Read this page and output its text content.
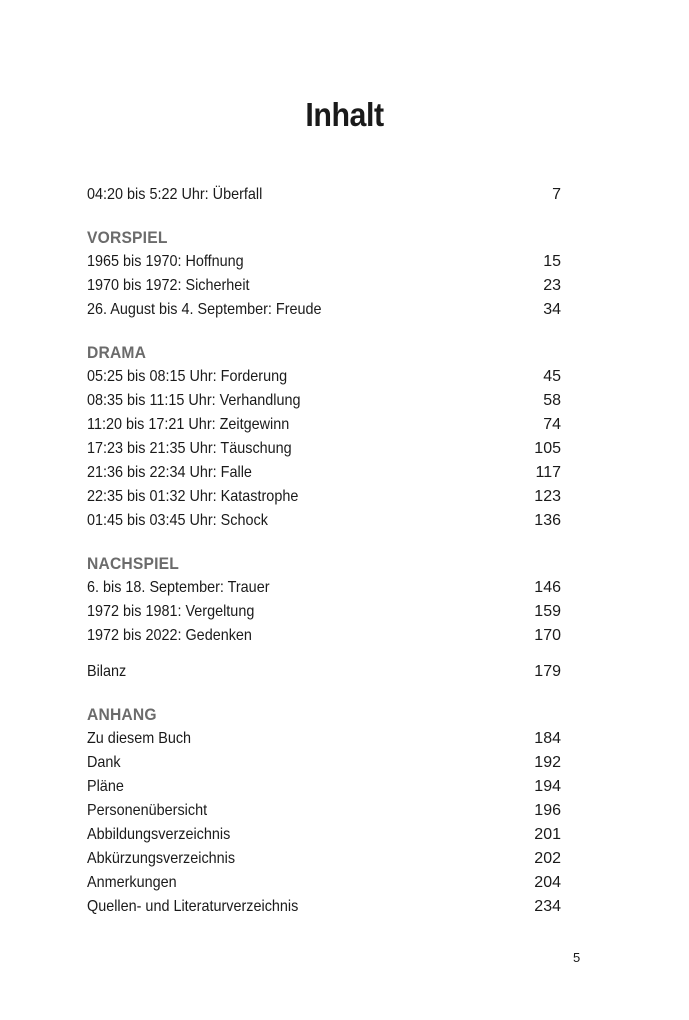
Inhalt
04:20 bis 5:22 Uhr: Überfall	7
VORSPIEL
1965 bis 1970: Hoffnung	15
1970 bis 1972: Sicherheit	23
26. August bis 4. September: Freude	34
DRAMA
05:25 bis 08:15 Uhr: Forderung	45
08:35 bis 11:15 Uhr: Verhandlung	58
11:20 bis 17:21 Uhr: Zeitgewinn	74
17:23 bis 21:35 Uhr: Täuschung	105
21:36 bis 22:34 Uhr: Falle	117
22:35 bis 01:32 Uhr: Katastrophe	123
01:45 bis 03:45 Uhr: Schock	136
NACHSPIEL
6. bis 18. September: Trauer	146
1972 bis 1981: Vergeltung	159
1972 bis 2022: Gedenken	170
Bilanz	179
ANHANG
Zu diesem Buch	184
Dank	192
Pläne	194
Personenübersicht	196
Abbildungsverzeichnis	201
Abkürzungsverzeichnis	202
Anmerkungen	204
Quellen- und Literaturverzeichnis	234
5
